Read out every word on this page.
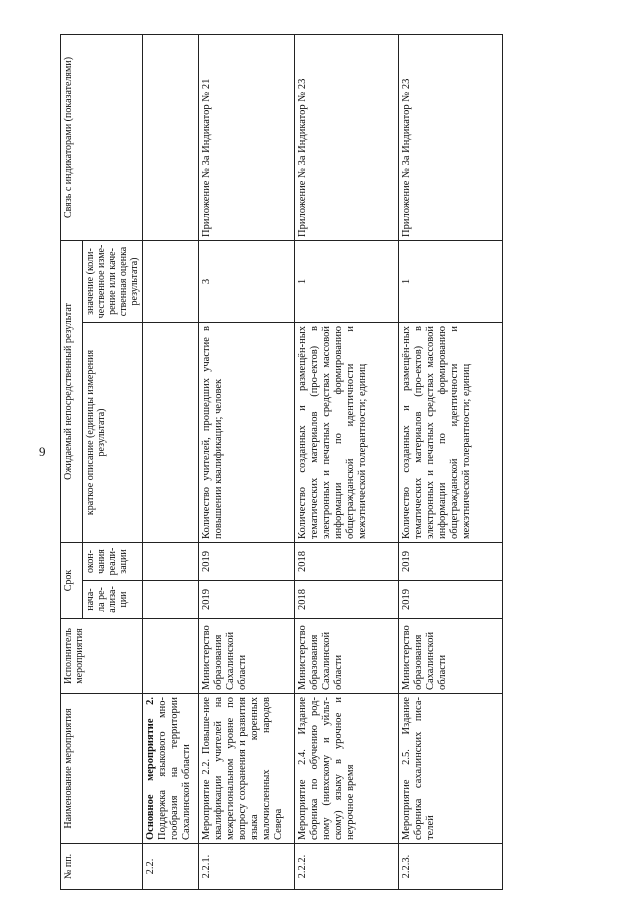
9
№ пп.	Наименование мероприятия	Исполнитель мероприятия	Срок		Ожидаемый непосредственный результат		Связь с индикаторами (показателями)
			нача-ла ре-ализа-ции	окон-чания реали-зации	краткое описание (единицы измерения результата)	значение (коли-чественное изме-рение или каче-ственная оценка результата)	

2.2.	Основное мероприятие 2. Поддержка языкового мно-гообразия на территории Сахалинской области						
2.2.1.	Мероприятие 2.2. Повыше-ние квалификации учителей на межрегиональном уровне по вопросу сохранения и развития языка коренных малочисленных народов Севера	Министерство образования Сахалинской области	2019	2019	Количество учителей, прошедших участие в повышении квалификации; человек	3	Приложение № 3а Индикатор № 21
2.2.2.	Мероприятие 2.4. Издание сборника по обучению род-ному (нивхскому и уйльт-скому) языку в урочное и неурочное время	Министерство образования Сахалинской области	2018	2018	Количество созданных и размещён-ных тематических материалов (про-ектов) в электронных и печатных средствах массовой информации по формированию общегражданской идентичности и межэтнической толерантности; единиц	1	Приложение № 3а Индикатор № 23
2.2.3.	Мероприятие 2.5. Издание сборника сахалинских писа-телей	Министерство образования Сахалинской области	2019	2019	Количество созданных и размещён-ных тематических материалов (про-ектов) в электронных и печатных средствах массовой информации по формированию общегражданской идентичности и межэтнической толерантности; единиц	1	Приложение № 3а Индикатор № 23
